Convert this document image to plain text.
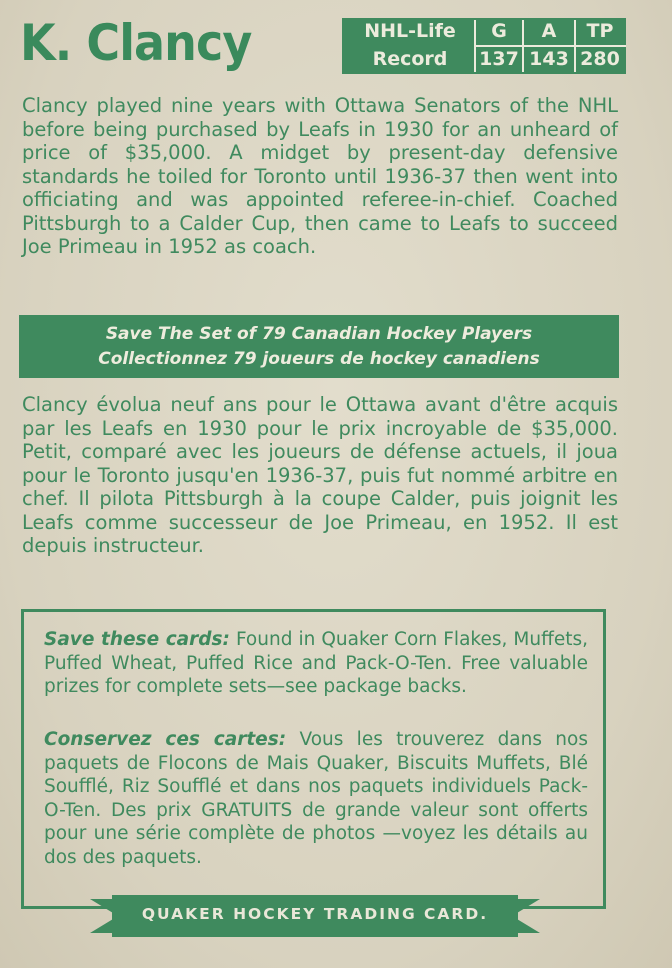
K. Clancy	NHL-Life	G	A	TP
Record	137 143 280
Clancy played nine years with Ottawa Senators of the NHL before being purchased by Leafs in 1930 for an unheard of price of $35,000. A midget by present-day defensive standards he toiled for Toronto until 1936-37 then went into officiating and was appointed referee-in-chief. Coached Pittsburgh to a Calder Cup, then came to Leafs to succeed Joe Primeau in 1952 as coach.
Save The Set of 79 Canadian Hockey Players
Collectionnez 79 joueurs de hockey canadiens
Clancy évolua neuf ans pour le Ottawa avant d'être acquis par les Leafs en 1930 pour le prix incroyable de $35,000. Petit, comparé avec les joueurs de défense actuels, il joua pour le Toronto jusqu'en 1936-37, puis fut nommé arbitre en chef. Il pilota Pittsburgh à la coupe Calder, puis joignit les Leafs comme successeur de Joe Primeau, en 1952. Il est depuis instructeur.
Save these cards: Found in Quaker Corn Flakes, Muffets, Puffed Wheat, Puffed Rice and Pack-O-Ten. Free valuable prizes for complete sets—see package backs.
Conservez ces cartes: Vous les trouverez dans nos paquets de Flocons de Mais Quaker, Biscuits Muffets, Blé Soufflé, Riz Soufflé et dans nos paquets individuels Pack-O-Ten. Des prix GRATUITS de grande valeur sont offerts pour une série complète de photos —voyez les détails au dos des paquets.
QUAKER HOCKEY TRADING CARD.
